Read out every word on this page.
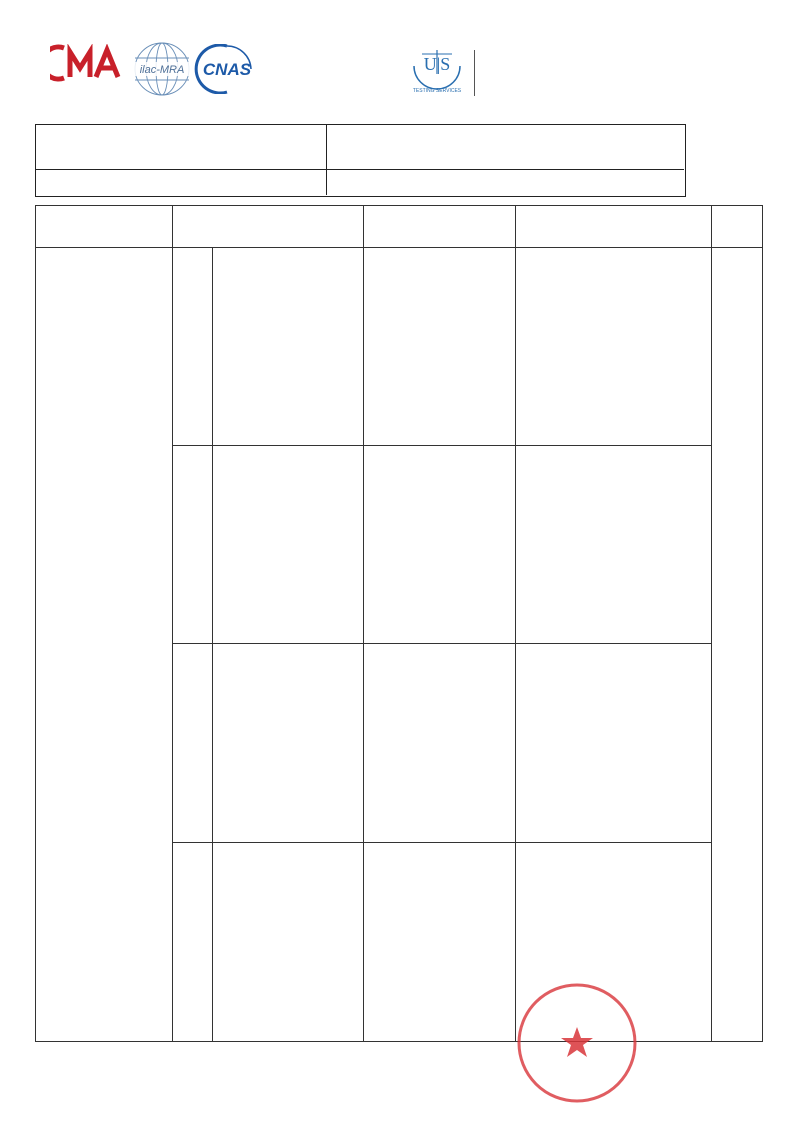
ilac-MRA CNAS	U|S
TESTING SERVICES
